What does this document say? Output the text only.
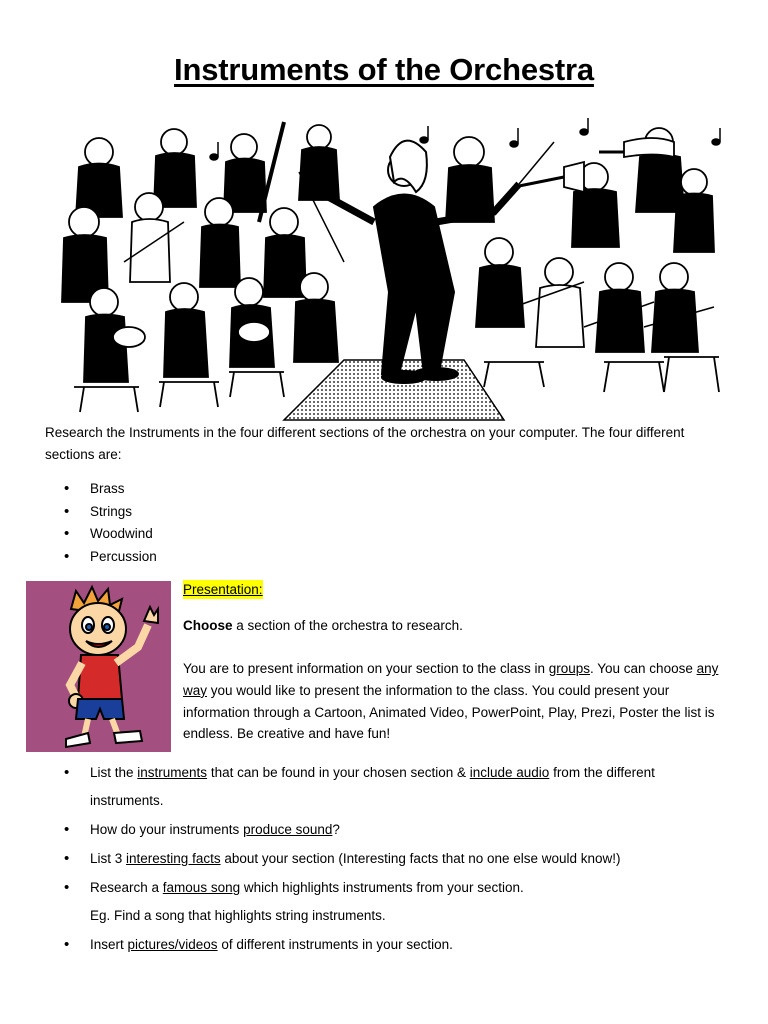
Instruments of the Orchestra
Research the Instruments in the four different sections of the orchestra on your computer. The four different sections are:
• Brass
• Strings
• Woodwind
• Percussion
Presentation:
Choose a section of the orchestra to research.
You are to present information on your section to the class in groups. You can choose any way you would like to present the information to the class. You could present your information through a Cartoon, Animated Video, PowerPoint, Play, Prezi, Poster the list is endless. Be creative and have fun!
• List the instruments that can be found in your chosen section & include audio from the different instruments.
• How do your instruments produce sound?
• List 3 interesting facts about your section (Interesting facts that no one else would know!)
• Research a famous song which highlights instruments from your section.
Eg. Find a song that highlights string instruments.
• Insert pictures/videos of different instruments in your section.
